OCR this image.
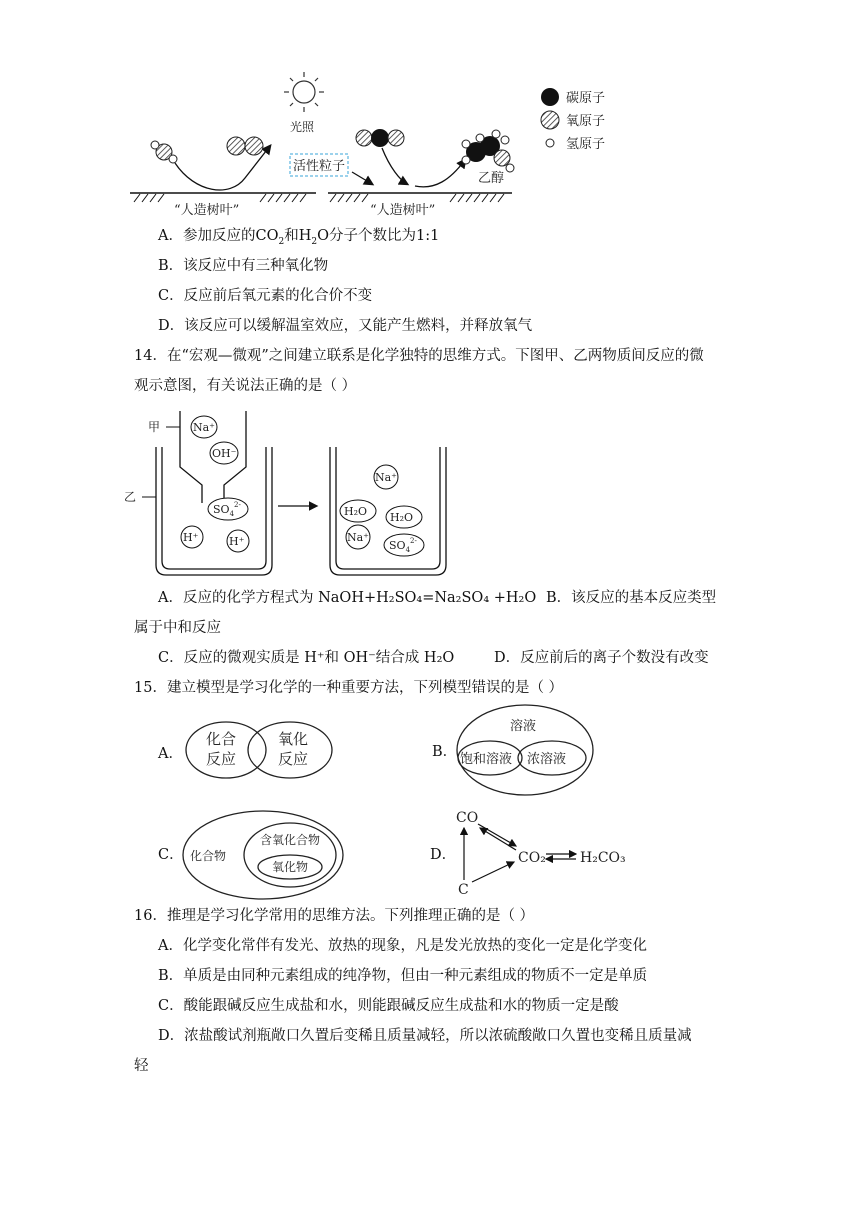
光照
活性粒子
乙醇
“人造树叶”	“人造树叶”
碳原子
氧原子
氢原子
A．参加反应的$CO_2$和$H_2O$分子个数比为1:1
B．该反应中有三种氧化物
C．反应前后氧元素的化合价不变
D．该反应可以缓解温室效应，又能产生燃料，并释放氧气
14．在“宏观—微观”之间建立联系是化学独特的思维方式。下图甲、乙两物质间反应的微
观示意图，有关说法正确的是（ ）
甲
乙
Na⁺
OH⁻
$SO_4^{2-}$
H⁺	H⁺
Na⁺
H₂O H₂O
Na⁺
$SO_4^{2-}$
A．反应的化学方程式为 NaOH+H₂SO₄=Na₂SO₄ +H₂O B．该反应的基本反应类型
属于中和反应
C．反应的微观实质是 H⁺和 OH⁻结合成 H₂O	D．反应前后的离子个数没有改变
15．建立模型是学习化学的一种重要方法，下列模型错误的是（ ）
A．
化合
反应
氧化
反应	B．
溶液
饱和溶液 浓溶液
C． 化合物
含氧化合物
氧化物
D．
CO
CO₂ H₂CO₃
C
16．推理是学习化学常用的思维方法。下列推理正确的是（ ）
A．化学变化常伴有发光、放热的现象，凡是发光放热的变化一定是化学变化
B．单质是由同种元素组成的纯净物，但由一种元素组成的物质不一定是单质
C．酸能跟碱反应生成盐和水，则能跟碱反应生成盐和水的物质一定是酸
D．浓盐酸试剂瓶敞口久置后变稀且质量减轻，所以浓硫酸敞口久置也变稀且质量减
轻
